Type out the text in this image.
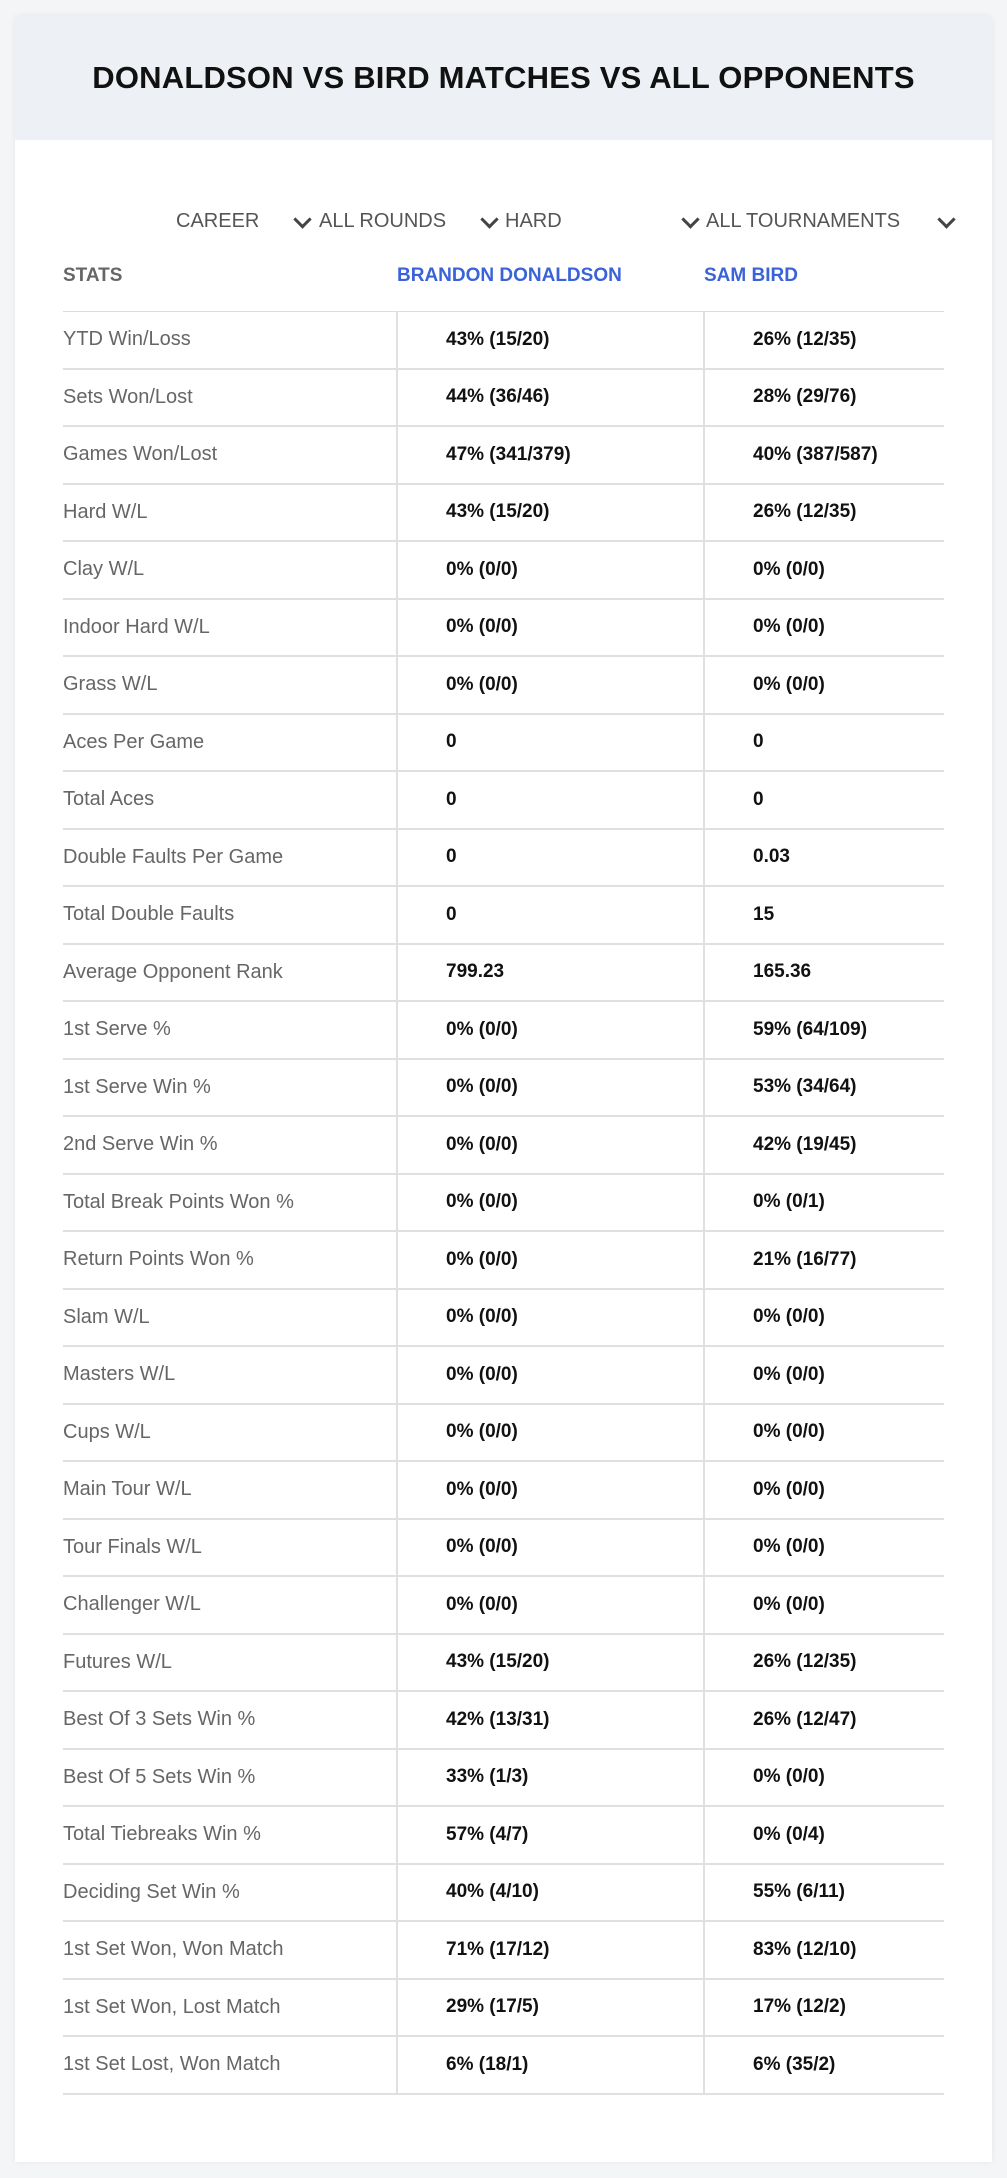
DONALDSON VS BIRD MATCHES VS ALL OPPONENTS
CAREER	ALL ROUNDS	HARD	ALL TOURNAMENTS
STATS	BRANDON DONALDSON	SAM BIRD
YTD Win/Loss	43% (15/20)	26% (12/35)
Sets Won/Lost	44% (36/46)	28% (29/76)
Games Won/Lost	47% (341/379)	40% (387/587)
Hard W/L	43% (15/20)	26% (12/35)
Clay W/L	0% (0/0)	0% (0/0)
Indoor Hard W/L	0% (0/0)	0% (0/0)
Grass W/L	0% (0/0)	0% (0/0)
Aces Per Game	0	0
Total Aces	0	0
Double Faults Per Game	0	0.03
Total Double Faults	0	15
Average Opponent Rank	799.23	165.36
1st Serve %	0% (0/0)	59% (64/109)
1st Serve Win %	0% (0/0)	53% (34/64)
2nd Serve Win %	0% (0/0)	42% (19/45)
Total Break Points Won %	0% (0/0)	0% (0/1)
Return Points Won %	0% (0/0)	21% (16/77)
Slam W/L	0% (0/0)	0% (0/0)
Masters W/L	0% (0/0)	0% (0/0)
Cups W/L	0% (0/0)	0% (0/0)
Main Tour W/L	0% (0/0)	0% (0/0)
Tour Finals W/L	0% (0/0)	0% (0/0)
Challenger W/L	0% (0/0)	0% (0/0)
Futures W/L	43% (15/20)	26% (12/35)
Best Of 3 Sets Win %	42% (13/31)	26% (12/47)
Best Of 5 Sets Win %	33% (1/3)	0% (0/0)
Total Tiebreaks Win %	57% (4/7)	0% (0/4)
Deciding Set Win %	40% (4/10)	55% (6/11)
1st Set Won, Won Match	71% (17/12)	83% (12/10)
1st Set Won, Lost Match	29% (17/5)	17% (12/2)
1st Set Lost, Won Match	6% (18/1)	6% (35/2)
